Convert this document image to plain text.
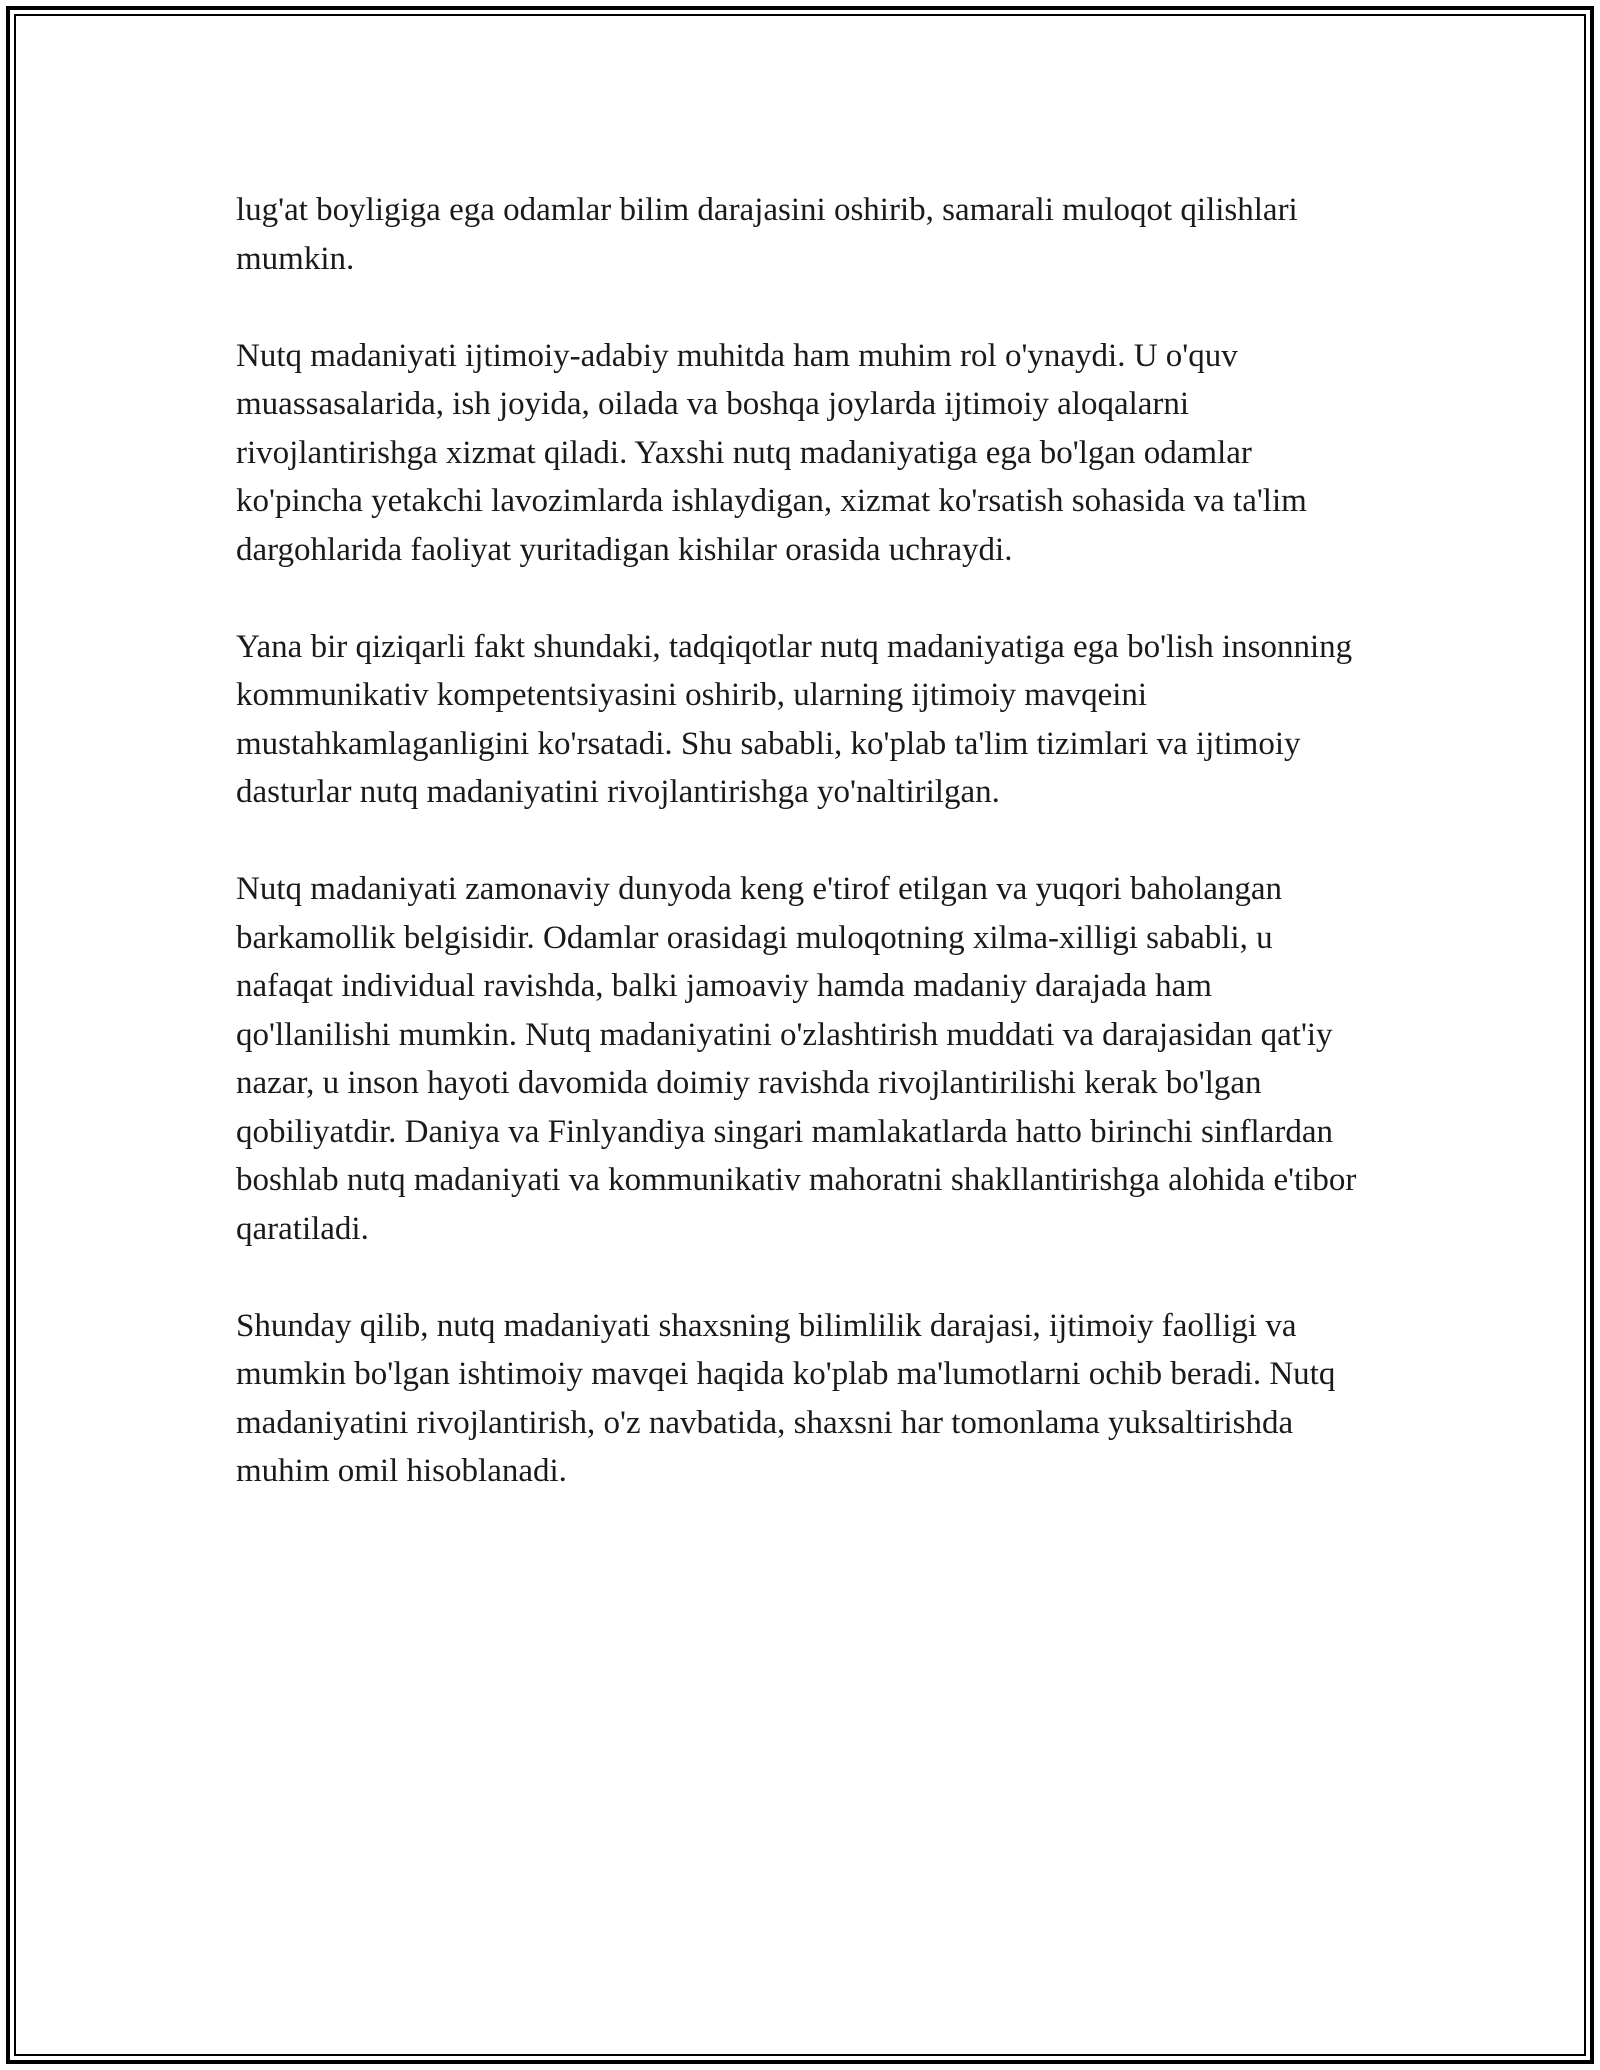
lug'at boyligiga ega odamlar bilim darajasini oshirib, samarali muloqot qilishlari mumkin.

Nutq madaniyati ijtimoiy-adabiy muhitda ham muhim rol o'ynaydi. U o'quv muassasalarida, ish joyida, oilada va boshqa joylarda ijtimoiy aloqalarni rivojlantirishga xizmat qiladi. Yaxshi nutq madaniyatiga ega bo'lgan odamlar ko'pincha yetakchi lavozimlarda ishlaydigan, xizmat ko'rsatish sohasida va ta'lim dargohlarida faoliyat yuritadigan kishilar orasida uchraydi.

Yana bir qiziqarli fakt shundaki, tadqiqotlar nutq madaniyatiga ega bo'lish insonning kommunikativ kompetentsiyasini oshirib, ularning ijtimoiy mavqeini mustahkamlaganligini ko'rsatadi. Shu sababli, ko'plab ta'lim tizimlari va ijtimoiy dasturlar nutq madaniyatini rivojlantirishga yo'naltirilgan.

Nutq madaniyati zamonaviy dunyoda keng e'tirof etilgan va yuqori baholangan barkamollik belgisidir. Odamlar orasidagi muloqotning xilma-xilligi sababli, u nafaqat individual ravishda, balki jamoaviy hamda madaniy darajada ham qo'llanilishi mumkin. Nutq madaniyatini o'zlashtirish muddati va darajasidan qat'iy nazar, u inson hayoti davomida doimiy ravishda rivojlantirilishi kerak bo'lgan qobiliyatdir. Daniya va Finlyandiya singari mamlakatlarda hatto birinchi sinflardan boshlab nutq madaniyati va kommunikativ mahoratni shakllantirishga alohida e'tibor qaratiladi.

Shunday qilib, nutq madaniyati shaxsning bilimlilik darajasi, ijtimoiy faolligi va mumkin bo'lgan ishtimoiy mavqei haqida ko'plab ma'lumotlarni ochib beradi. Nutq madaniyatini rivojlantirish, o'z navbatida, shaxsni har tomonlama yuksaltirishda muhim omil hisoblanadi.
